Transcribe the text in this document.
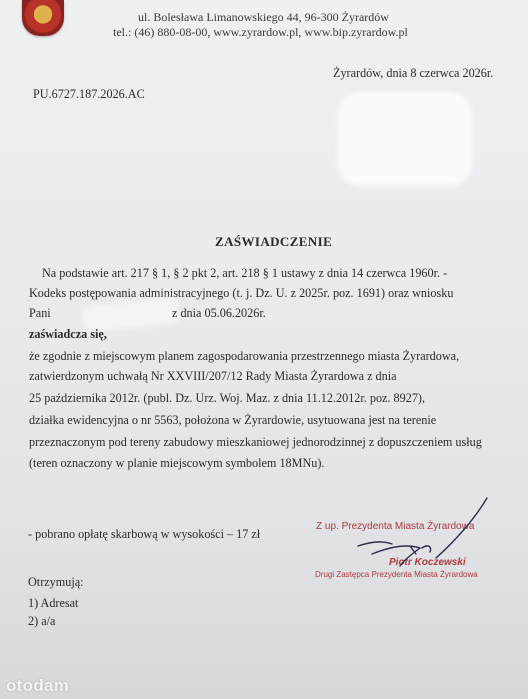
ul. Bolesława Limanowskiego 44, 96-300 Żyrardów
tel.: (46) 880-08-00, www.zyrardow.pl, www.bip.zyrardow.pl
Żyrardów, dnia 8 czerwca 2026r.
PU.6727.187.2026.AC
ZAŚWIADCZENIE
Na podstawie art. 217 § 1, § 2 pkt 2, art. 218 § 1 ustawy z dnia 14 czerwca 1960r. -
Kodeks postępowania administracyjnego (t. j. Dz. U. z 2025r. poz. 1691) oraz wniosku
Pani	z dnia 05.06.2026r.
zaświadcza się,
że zgodnie z miejscowym planem zagospodarowania przestrzennego miasta Żyrardowa,
zatwierdzonym uchwałą Nr XXVIII/207/12 Rady Miasta Żyrardowa z dnia
25 października 2012r. (publ. Dz. Urz. Woj. Maz. z dnia 11.12.2012r. poz. 8927),
działka ewidencyjna o nr 5563, położona w Żyrardowie, usytuowana jest na terenie
przeznaczonym pod tereny zabudowy mieszkaniowej jednorodzinnej z dopuszczeniem usług
(teren oznaczony w planie miejscowym symbolem 18MNu).
- pobrano opłatę skarbową w wysokości – 17 zł
Z up. Prezydenta Miasta Żyrardowa
Piotr Koczewski
Drugi Zastępca Prezydenta Miasta Żyrardowa
Otrzymują:
1) Adresat
2) a/a
otodam
